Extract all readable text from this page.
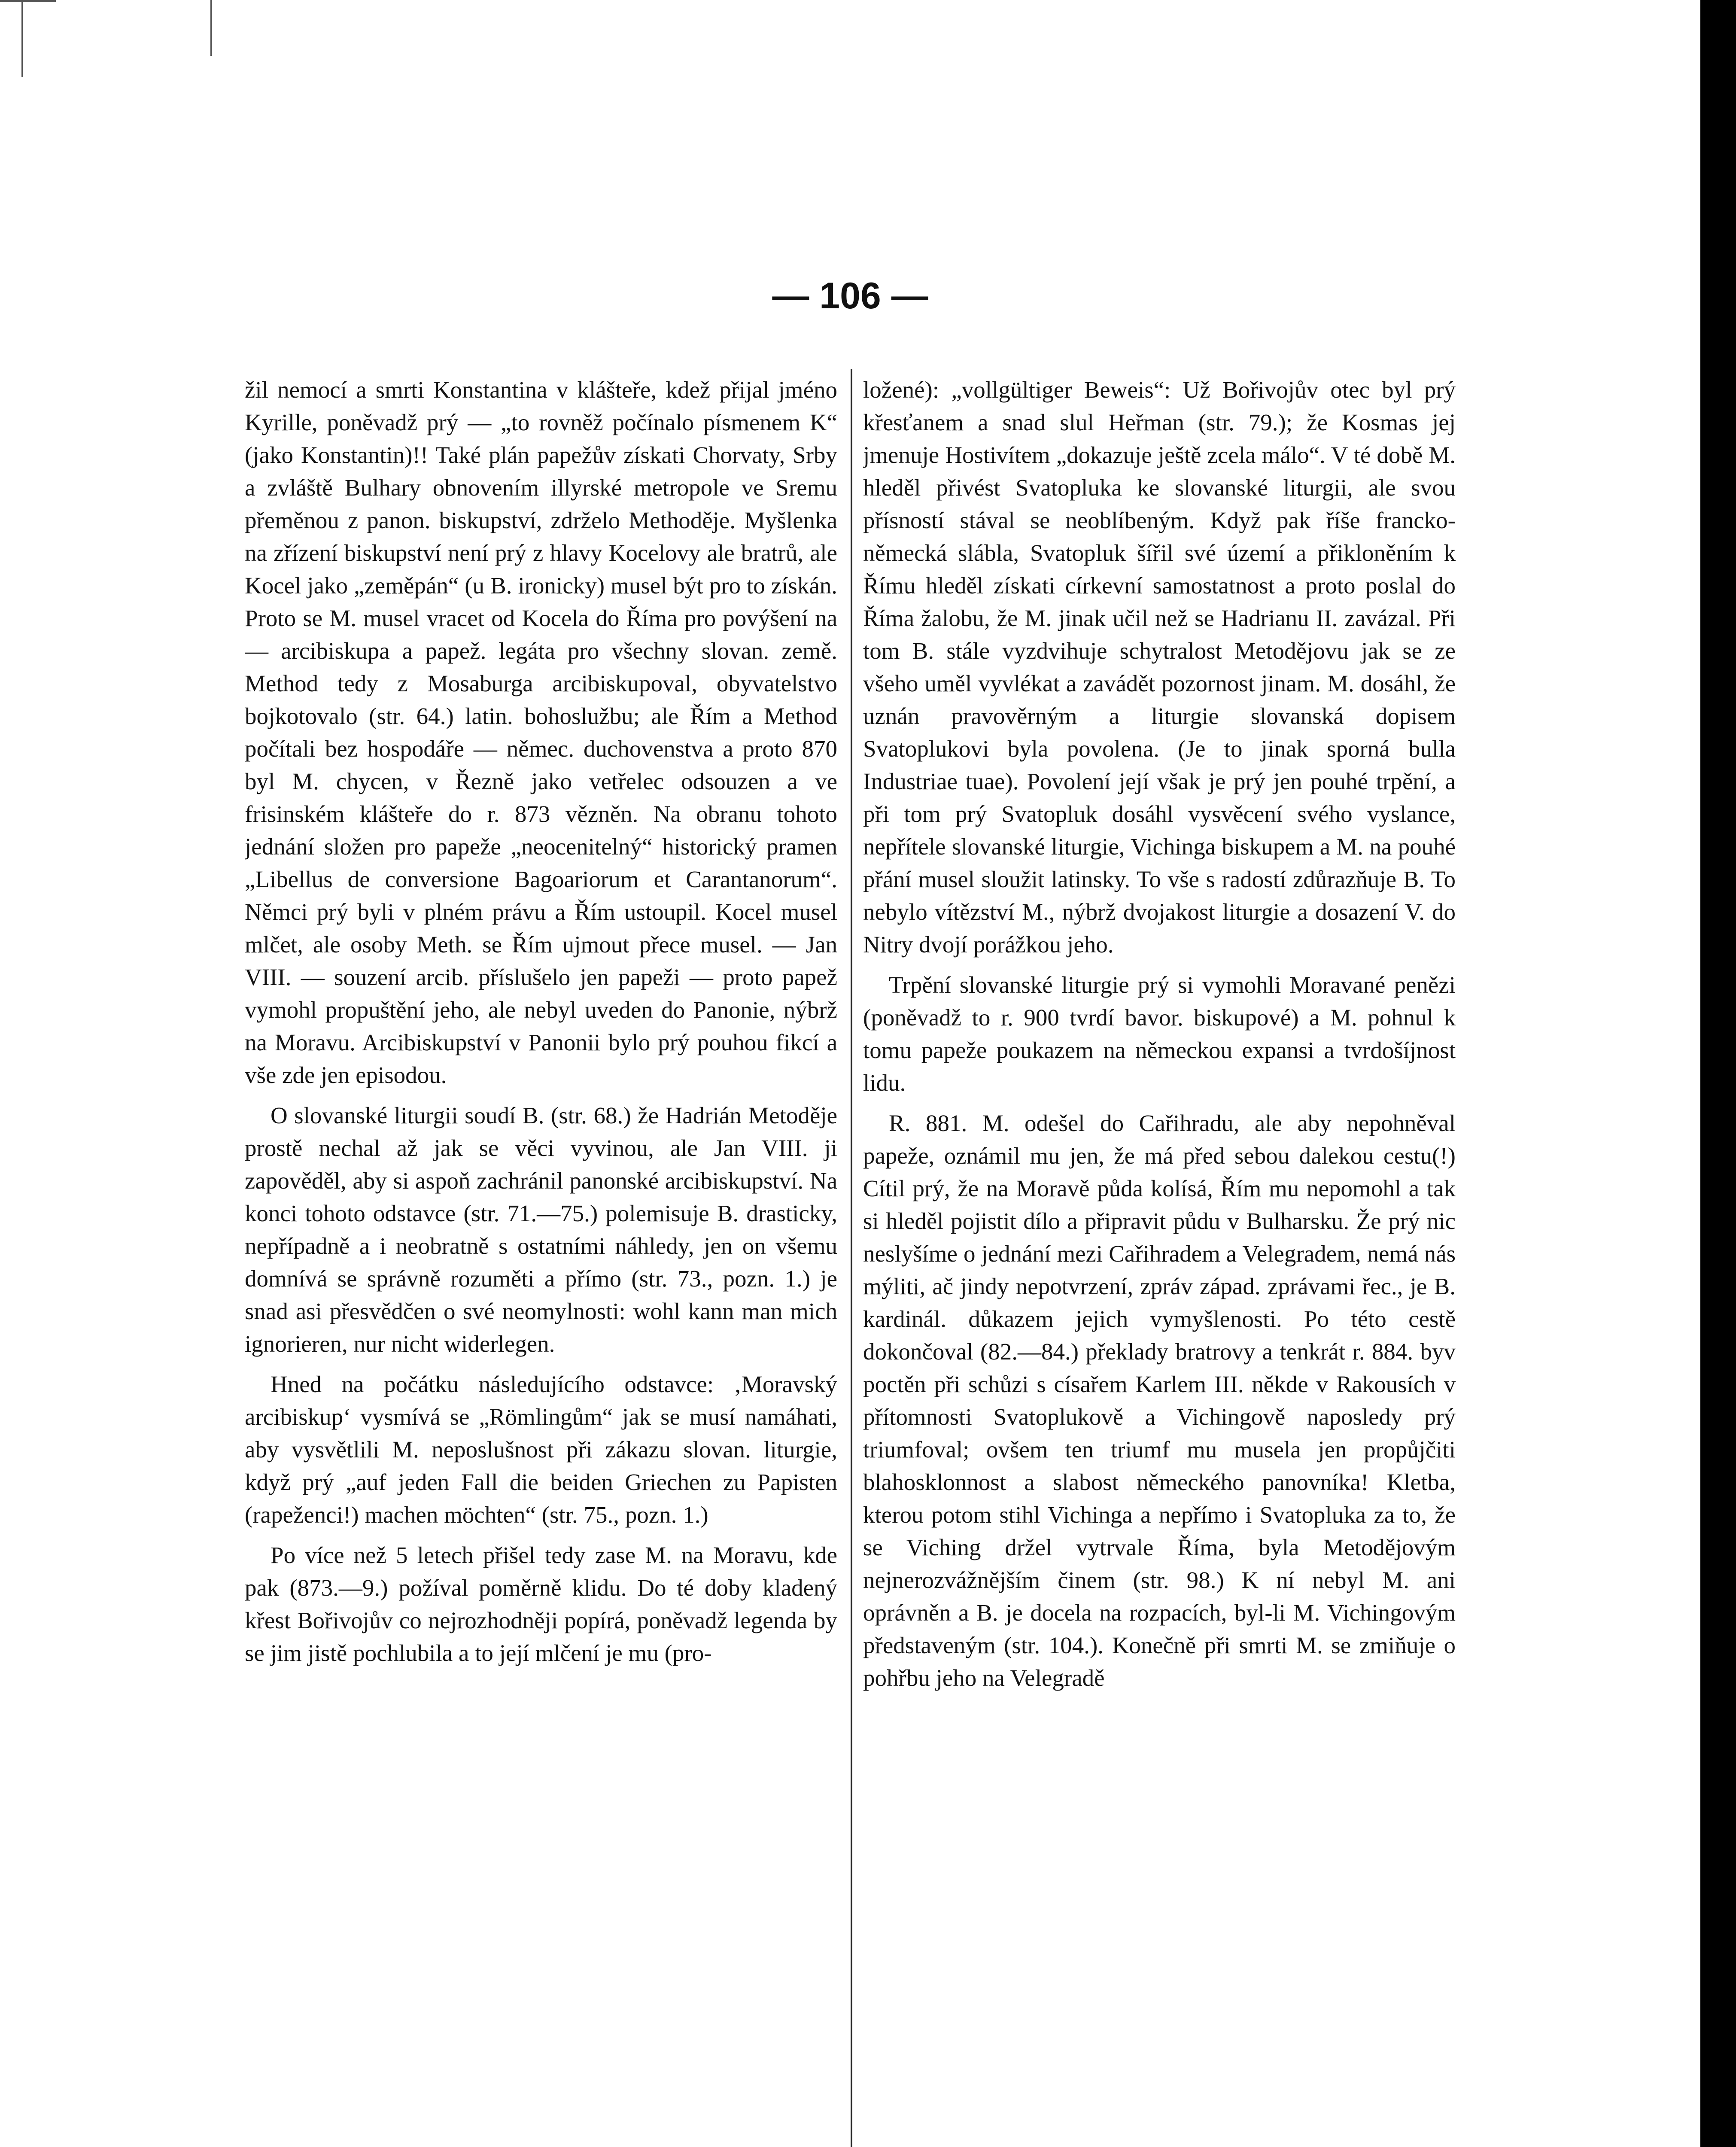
— 106 —

žil nemocí a smrti Konstantina v klášteře, kdež přijal jméno Kyrille, poněvadž prý — „to rovněž počínalo písmenem K“ (jako Konstantin)!! Také plán papežův získati Chorvaty, Srby a zvláště Bulhary obnovením illyrské metropole ve Sremu přeměnou z panon. biskupství, zdrželo Methoděje. Myšlenka na zřízení biskupství není prý z hlavy Kocelovy ale bratrů, ale Kocel jako „zeměpán“ (u B. ironicky) musel být pro to získán. Proto se M. musel vracet od Kocela do Říma pro povýšení na — arcibiskupa a papež. legáta pro všechny slovan. země. Method tedy z Mosaburga arcibiskupoval, obyvatelstvo bojkotovalo (str. 64.) latin. bohoslužbu; ale Řím a Method počítali bez hospodáře — němec. duchovenstva a proto 870 byl M. chycen, v Řezně jako vetřelec odsouzen a ve frisinském klášteře do r. 873 vězněn. Na obranu tohoto jednání složen pro papeže „neocenitelný“ historický pramen „Libellus de conversione Bagoariorum et Carantanorum“. Němci prý byli v plném právu a Řím ustoupil. Kocel musel mlčet, ale osoby Meth. se Řím ujmout přece musel. — Jan VIII. — souzení arcib. příslušelo jen papeži — proto papež vymohl propuštění jeho, ale nebyl uveden do Panonie, nýbrž na Moravu. Arcibiskupství v Panonii bylo prý pouhou fikcí a vše zde jen episodou.

O slovanské liturgii soudí B. (str. 68.) že Hadrián Metoděje prostě nechal až jak se věci vyvinou, ale Jan VIII. ji zapověděl, aby si aspoň zachránil panonské arcibiskupství. Na konci tohoto odstavce (str. 71.—75.) polemisuje B. drasticky, nepřípadně a i neobratně s ostatními náhledy, jen on všemu domnívá se správně rozuměti a přímo (str. 73., pozn. 1.) je snad asi přesvědčen o své neomylnosti: wohl kann man mich ignorieren, nur nicht widerlegen.

Hned na počátku následujícího odstavce: ‚Moravský arcibiskup‘ vysmívá se „Römlingům“ jak se musí namáhati, aby vysvětlili M. neposlušnost při zákazu slovan. liturgie, když prý „auf jeden Fall die beiden Griechen zu Papisten (rapeženci!) machen möchten“ (str. 75., pozn. 1.)

Po více než 5 letech přišel tedy zase M. na Moravu, kde pak (873.—9.) požíval poměrně klidu. Do té doby kladený křest Bořivojův co nejrozhodněji popírá, poněvadž legenda by se jim jistě pochlubila a to její mlčení je mu (pro-

ložené): „vollgültiger Beweis“: Už Bořivojův otec byl prý křesťanem a snad slul Heřman (str. 79.); že Kosmas jej jmenuje Hostivítem „dokazuje ještě zcela málo“. V té době M. hleděl přivést Svatopluka ke slovanské liturgii, ale svou přísností stával se neoblíbeným. Když pak říše francko-německá slábla, Svatopluk šířil své území a přikloněním k Římu hleděl získati církevní samostatnost a proto poslal do Říma žalobu, že M. jinak učil než se Hadrianu II. zavázal. Při tom B. stále vyzdvihuje schytralost Metodějovu jak se ze všeho uměl vyvlékat a zavádět pozornost jinam. M. dosáhl, že uznán pravověrným a liturgie slovanská dopisem Svatoplukovi byla povolena. (Je to jinak sporná bulla Industriae tuae). Povolení její však je prý jen pouhé trpění, a při tom prý Svatopluk dosáhl vysvěcení svého vyslance, nepřítele slovanské liturgie, Vichinga biskupem a M. na pouhé přání musel sloužit latinsky. To vše s radostí zdůrazňuje B. To nebylo vítězství M., nýbrž dvojakost liturgie a dosazení V. do Nitry dvojí porážkou jeho.

Trpění slovanské liturgie prý si vymohli Moravané penězi (poněvadž to r. 900 tvrdí bavor. biskupové) a M. pohnul k tomu papeže poukazem na německou expansi a tvrdošíjnost lidu.

R. 881. M. odešel do Cařihradu, ale aby nepohněval papeže, oznámil mu jen, že má před sebou dalekou cestu(!) Cítil prý, že na Moravě půda kolísá, Řím mu nepomohl a tak si hleděl pojistit dílo a připravit půdu v Bulharsku. Že prý nic neslyšíme o jednání mezi Cařihradem a Velegradem, nemá nás mýliti, ač jindy nepotvrzení, zpráv západ. zprávami řec., je B. kardinál. důkazem jejich vymyšlenosti. Po této cestě dokončoval (82.—84.) překlady bratrovy a tenkrát r. 884. byv poctěn při schůzi s císařem Karlem III. někde v Rakousích v přítomnosti Svatoplukově a Vichingově naposledy prý triumfoval; ovšem ten triumf mu musela jen propůjčiti blahosklonnost a slabost německého panovníka! Kletba, kterou potom stihl Vichinga a nepřímo i Svatopluka za to, že se Viching držel vytrvale Říma, byla Metodějovým nejnerozvážnějším činem (str. 98.) K ní nebyl M. ani oprávněn a B. je docela na rozpacích, byl-li M. Vichingovým představeným (str. 104.). Konečně při smrti M. se zmiňuje o pohřbu jeho na Velegradě
